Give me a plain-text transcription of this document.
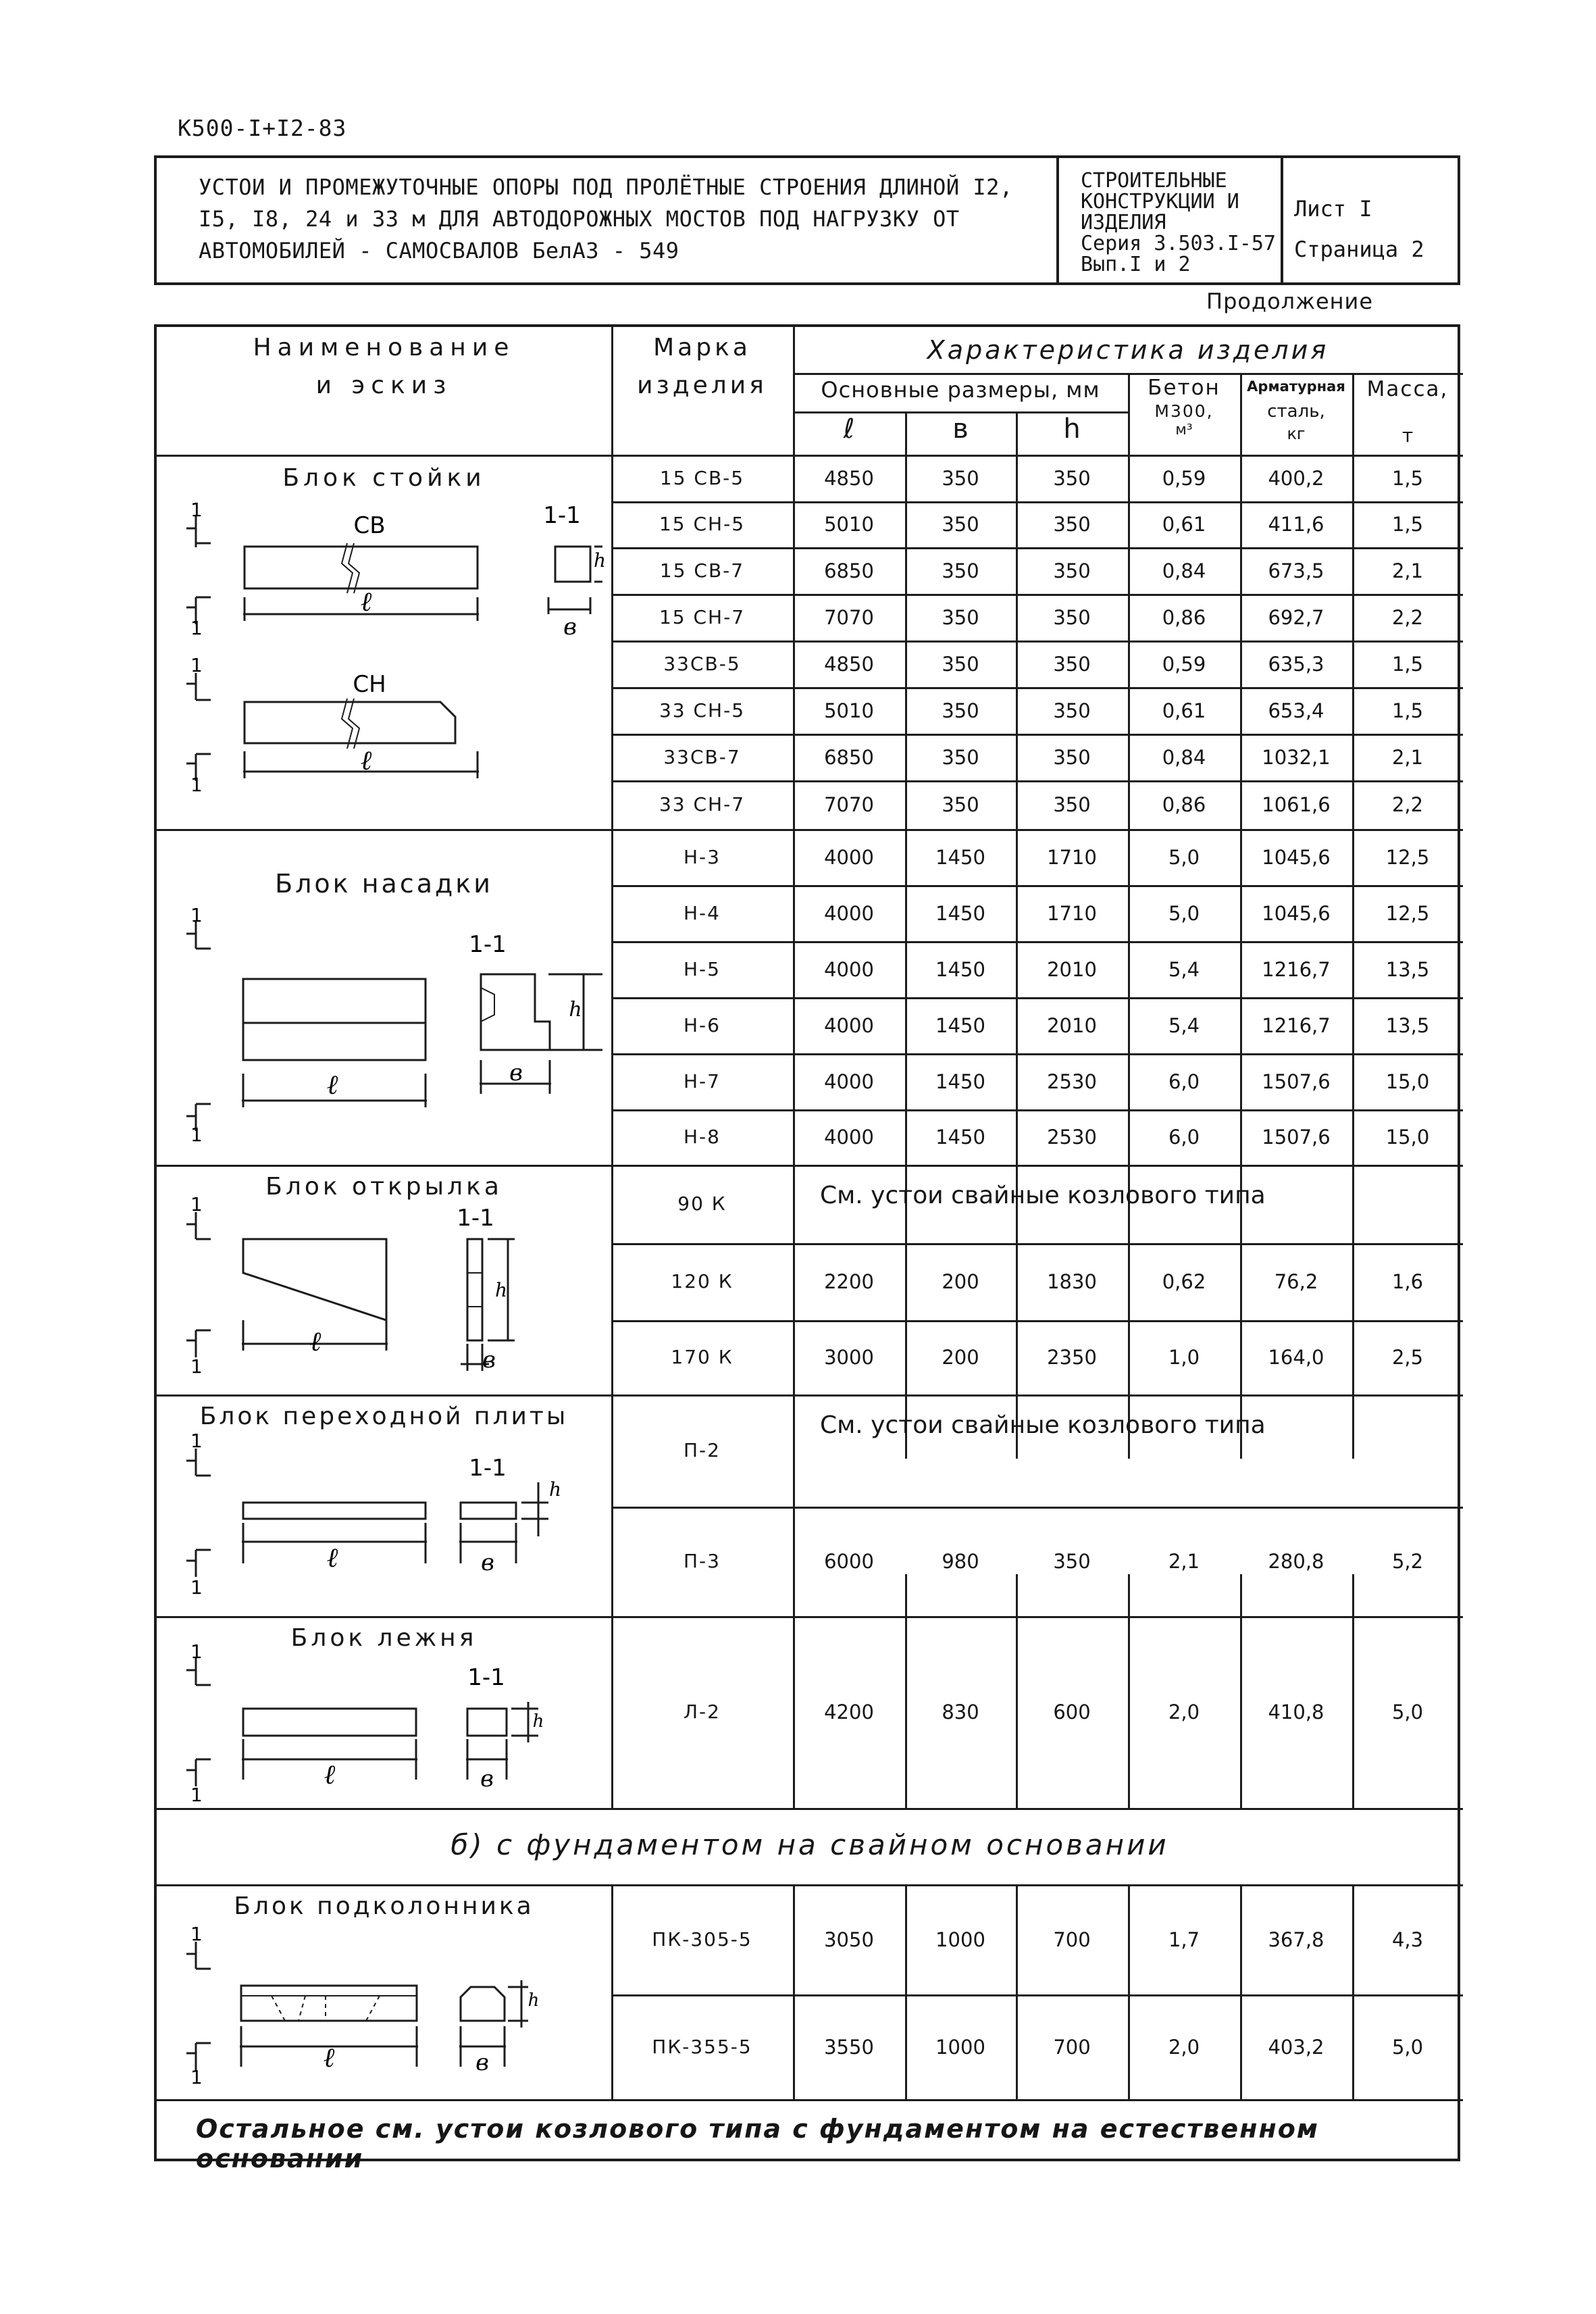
К500-I+I2-83
УСТОИ И ПРОМЕЖУТОЧНЫЕ ОПОРЫ ПОД ПРОЛЁТНЫЕ СТРОЕНИЯ ДЛИНОЙ I2,
I5, I8, 24 и 33 м ДЛЯ АВТОДОРОЖНЫХ МОСТОВ ПОД НАГРУЗКУ ОТ
АВТОМОБИЛЕЙ - САМОСВАЛОВ БелАЗ - 549
СТРОИТЕЛЬНЫЕ
КОНСТРУКЦИИ И
ИЗДЕЛИЯ
Серия 3.503.I-57
Вып.I и 2
Лист I
Страница 2
Продолжение
Наименование
и эскиз
Марка
изделия
Характеристика изделия
Основные размеры, мм
ℓ	в	h
Бетон
М300,
м³
Арматурная
сталь,
кг
Масса,
т
Блок стойки
Блок насадки
Блок открылка
Блок переходной плиты
Блок лежня
б) с фундаментом на свайном основании
Блок подколонника
См. устои свайные козлового типа
См. устои свайные козлового типа
Остальное см. устои козлового типа с фундаментом на естественном основании
СВ
СН
1-1
ℓ
ℓ
в
h
1
1
1
1
1-1
ℓ	в
h
1
1
1-1
ℓ
в
h
1
1
1-1
ℓ	в
h
1
1
1-1
ℓ	в
h
1
1
ℓ	в
h
1
1
15 СВ-5	4850	350	350	0,59	400,2	1,5
15 СН-5	5010	350	350	0,61	411,6	1,5
15 СВ-7	6850	350	350	0,84	673,5	2,1
15 СН-7	7070	350	350	0,86	692,7	2,2
33СВ-5	4850	350	350	0,59	635,3	1,5
33 СН-5	5010	350	350	0,61	653,4	1,5
33СВ-7	6850	350	350	0,84	1032,1	2,1
33 СН-7	7070	350	350	0,86	1061,6	2,2
Н-3	4000	1450	1710	5,0	1045,6	12,5
Н-4	4000	1450	1710	5,0	1045,6	12,5
Н-5	4000	1450	2010	5,4	1216,7	13,5
Н-6	4000	1450	2010	5,4	1216,7	13,5
Н-7	4000	1450	2530	6,0	1507,6	15,0
Н-8	4000	1450	2530	6,0	1507,6	15,0
90 К
120 К	2200	200	1830	0,62	76,2	1,6
170 К	3000	200	2350	1,0	164,0	2,5
П-2
П-3	6000	980	350	2,1	280,8	5,2
Л-2	4200	830	600	2,0	410,8	5,0
ПК-305-5	3050	1000	700	1,7	367,8	4,3
ПК-355-5	3550	1000	700	2,0	403,2	5,0
